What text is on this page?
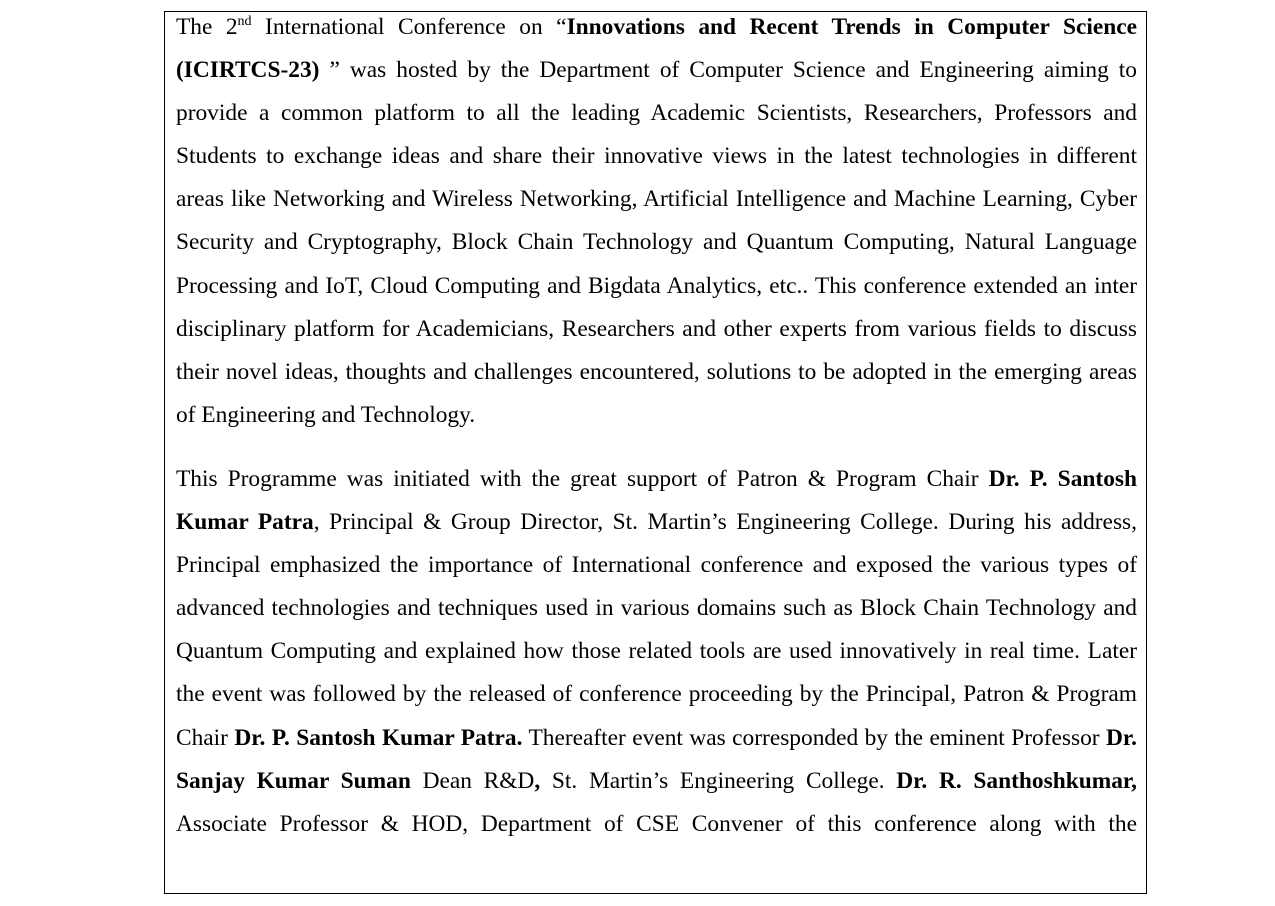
The 2nd International Conference on “Innovations and Recent Trends in Computer Science (ICIRTCS-23) ” was hosted by the Department of Computer Science and Engineering aiming to provide a common platform to all the leading Academic Scientists, Researchers, Professors and Students to exchange ideas and share their innovative views in the latest technologies in different areas like Networking and Wireless Networking, Artificial Intelligence and Machine Learning, Cyber Security and Cryptography, Block Chain Technology and Quantum Computing, Natural Language Processing and IoT, Cloud Computing and Bigdata Analytics, etc.. This conference extended an inter disciplinary platform for Academicians, Researchers and other experts from various fields to discuss their novel ideas, thoughts and challenges encountered, solutions to be adopted in the emerging areas of Engineering and Technology.

This Programme was initiated with the great support of Patron & Program Chair Dr. P. Santosh Kumar Patra, Principal & Group Director, St. Martin’s Engineering College. During his address, Principal emphasized the importance of International conference and exposed the various types of advanced technologies and techniques used in various domains such as Block Chain Technology and Quantum Computing and explained how those related tools are used innovatively in real time. Later the event was followed by the released of conference proceeding by the Principal, Patron & Program Chair Dr. P. Santosh Kumar Patra. Thereafter event was corresponded by the eminent Professor Dr. Sanjay Kumar Suman Dean R&D, St. Martin’s Engineering College. Dr. R. Santhoshkumar, Associate Professor & HOD, Department of CSE Convener of this conference along with the
